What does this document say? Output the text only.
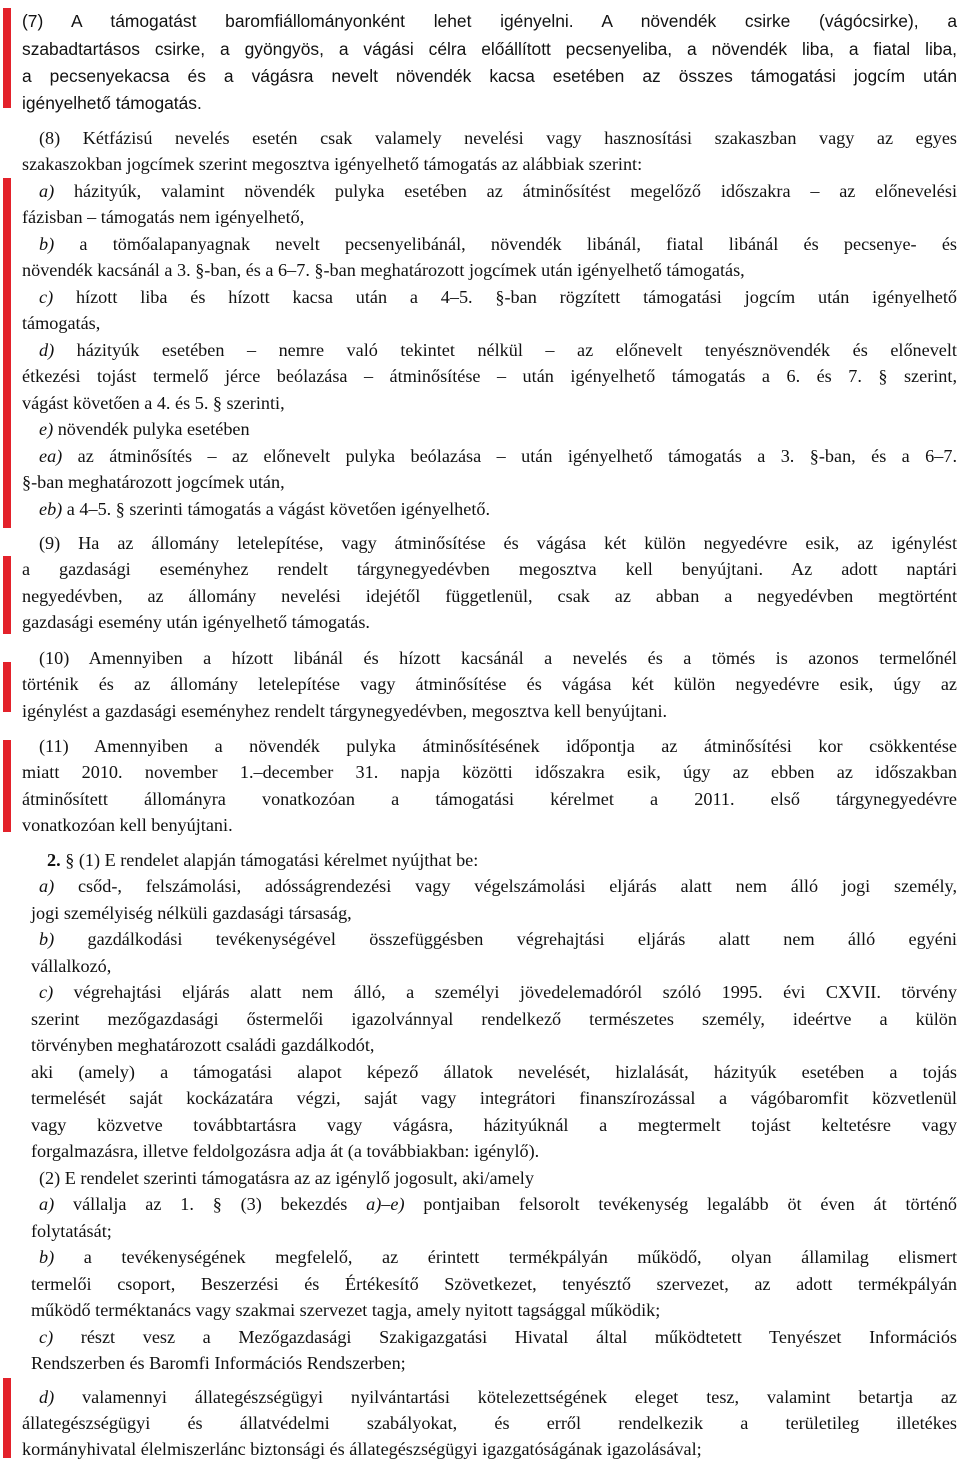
(7) A támogatást baromfiállományonként lehet igényelni. A növendék csirke (vágócsirke), a

szabadtartásos csirke, a gyöngyös, a vágási célra előállított pecsenyeliba, a növendék liba, a fiatal liba,

a pecsenyekacsa és a vágásra nevelt növendék kacsa esetében az összes támogatási jogcím után

igényelhető támogatás.

(8) Kétfázisú nevelés esetén csak valamely nevelési vagy hasznosítási szakaszban vagy az egyes

szakaszokban jogcímek szerint megosztva igényelhető támogatás az alábbiak szerint:

a) házityúk, valamint növendék pulyka esetében az átminősítést megelőző időszakra – az előnevelési

fázisban – támogatás nem igényelhető,

b) a tömőalapanyagnak nevelt pecsenyelibánál, növendék libánál, fiatal libánál és pecsenye- és

növendék kacsánál a 3. §-ban, és a 6–7. §-ban meghatározott jogcímek után igényelhető támogatás,

c) hízott liba és hízott kacsa után a 4–5. §-ban rögzített támogatási jogcím után igényelhető

támogatás,

d) házityúk esetében – nemre való tekintet nélkül – az előnevelt tenyésznövendék és előnevelt

étkezési tojást termelő jérce beólazása – átminősítése – után igényelhető támogatás a 6. és 7. § szerint,

vágást követően a 4. és 5. § szerinti,

e) növendék pulyka esetében

ea) az átminősítés – az előnevelt pulyka beólazása – után igényelhető támogatás a 3. §-ban, és a 6–7.

§-ban meghatározott jogcímek után,

eb) a 4–5. § szerinti támogatás a vágást követően igényelhető.

(9) Ha az állomány letelepítése, vagy átminősítése és vágása két külön negyedévre esik, az igénylést

a gazdasági eseményhez rendelt tárgynegyedévben megosztva kell benyújtani. Az adott naptári

negyedévben, az állomány nevelési idejétől függetlenül, csak az abban a negyedévben megtörtént

gazdasági esemény után igényelhető támogatás.

(10) Amennyiben a hízott libánál és hízott kacsánál a nevelés és a tömés is azonos termelőnél

történik és az állomány letelepítése vagy átminősítése és vágása két külön negyedévre esik, úgy az

igénylést a gazdasági eseményhez rendelt tárgynegyedévben, megosztva kell benyújtani.

(11) Amennyiben a növendék pulyka átminősítésének időpontja az átminősítési kor csökkentése

miatt 2010. november 1.–december 31. napja közötti időszakra esik, úgy az ebben az időszakban

átminősített állományra vonatkozóan a támogatási kérelmet a 2011. első tárgynegyedévre

vonatkozóan kell benyújtani.

2. § (1) E rendelet alapján támogatási kérelmet nyújthat be:

a) csőd-, felszámolási, adósságrendezési vagy végelszámolási eljárás alatt nem álló jogi személy,

jogi személyiség nélküli gazdasági társaság,

b) gazdálkodási tevékenységével összefüggésben végrehajtási eljárás alatt nem álló egyéni

vállalkozó,

c) végrehajtási eljárás alatt nem álló, a személyi jövedelemadóról szóló 1995. évi CXVII. törvény

szerint mezőgazdasági őstermelői igazolvánnyal rendelkező természetes személy, ideértve a külön

törvényben meghatározott családi gazdálkodót,

aki (amely) a támogatási alapot képező állatok nevelését, hizlalását, házityúk esetében a tojás

termelését saját kockázatára végzi, saját vagy integrátori finanszírozással a vágóbaromfit közvetlenül

vagy közvetve továbbtartásra vagy vágásra, házityúknál a megtermelt tojást keltetésre vagy

forgalmazásra, illetve feldolgozásra adja át (a továbbiakban: igénylő).

(2) E rendelet szerinti támogatásra az az igénylő jogosult, aki/amely

a) vállalja az 1. § (3) bekezdés a)–e) pontjaiban felsorolt tevékenység legalább öt éven át történő

folytatását;

b) a tevékenységének megfelelő, az érintett termékpályán működő, olyan államilag elismert

termelői csoport, Beszerzési és Értékesítő Szövetkezet, tenyésztő szervezet, az adott termékpályán

működő terméktanács vagy szakmai szervezet tagja, amely nyitott tagsággal működik;

c) részt vesz a Mezőgazdasági Szakigazgatási Hivatal által működtetett Tenyészet Információs

Rendszerben és Baromfi Információs Rendszerben;

d) valamennyi állategészségügyi nyilvántartási kötelezettségének eleget tesz, valamint betartja az

állategészségügyi és állatvédelmi szabályokat, és erről rendelkezik a területileg illetékes

kormányhivatal élelmiszerlánc biztonsági és állategészségügyi igazgatóságának igazolásával;
